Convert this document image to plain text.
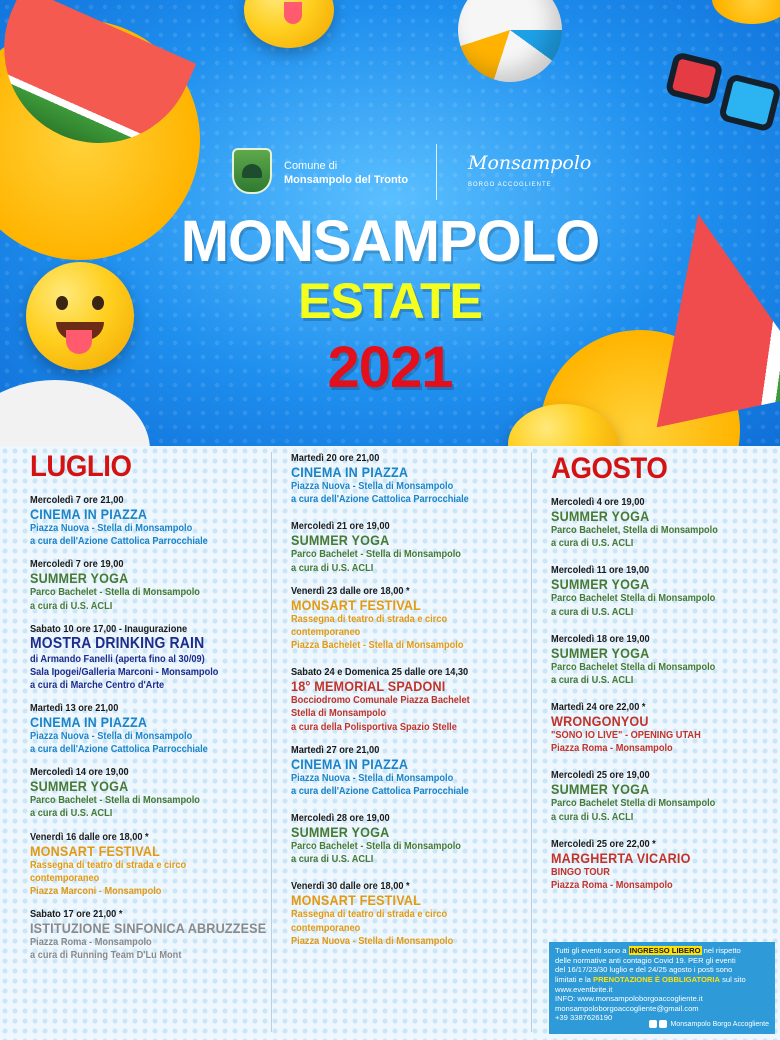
Comune di
Monsampolo del Tronto
Monsampolo
BORGO ACCOGLIENTE
MONSAMPOLO
ESTATE
2021
LUGLIO
Mercoledì 7 ore 21,00
CINEMA IN PIAZZA
Piazza Nuova - Stella di Monsampolo
a cura dell'Azione Cattolica Parrocchiale
Mercoledì 7 ore 19,00
SUMMER YOGA
Parco Bachelet - Stella di Monsampolo
a cura di U.S. ACLI
Sabato 10 ore 17,00 - Inaugurazione
MOSTRA DRINKING RAIN
di Armando Fanelli (aperta fino al 30/09)
Sala Ipogei/Galleria Marconi - Monsampolo
a cura di Marche Centro d'Arte
Martedì 13 ore 21,00
CINEMA IN PIAZZA
Piazza Nuova - Stella di Monsampolo
a cura dell'Azione Cattolica Parrocchiale
Mercoledì 14 ore 19,00
SUMMER YOGA
Parco Bachelet - Stella di Monsampolo
a cura di U.S. ACLI
Venerdì 16 dalle ore 18,00 *
MONSART FESTIVAL
Rassegna di teatro di strada e circo
contemporaneo
Piazza Marconi - Monsampolo
Sabato 17 ore 21,00 *
ISTITUZIONE SINFONICA ABRUZZESE
Piazza Roma - Monsampolo
a cura di Running Team D'Lu Mont
Martedì 20 ore 21,00
CINEMA IN PIAZZA
Piazza Nuova - Stella di Monsampolo
a cura dell'Azione Cattolica Parrocchiale
Mercoledì 21 ore 19,00
SUMMER YOGA
Parco Bachelet - Stella di Monsampolo
a cura di U.S. ACLI
Venerdì 23 dalle ore 18,00 *
MONSART FESTIVAL
Rassegna di teatro di strada e circo
contemporaneo
Piazza Bachelet - Stella di Monsampolo
Sabato 24 e Domenica 25 dalle ore 14,30
18° MEMORIAL SPADONI
Bocciodromo Comunale Piazza Bachelet
Stella di Monsampolo
a cura della Polisportiva Spazio Stelle
Martedì 27 ore 21,00
CINEMA IN PIAZZA
Piazza Nuova - Stella di Monsampolo
a cura dell'Azione Cattolica Parrocchiale
Mercoledì 28 ore 19,00
SUMMER YOGA
Parco Bachelet - Stella di Monsampolo
a cura di U.S. ACLI
Venerdì 30 dalle ore 18,00 *
MONSART FESTIVAL
Rassegna di teatro di strada e circo
contemporaneo
Piazza Nuova - Stella di Monsampolo
AGOSTO
Mercoledì 4 ore 19,00
SUMMER YOGA
Parco Bachelet, Stella di Monsampolo
a cura di U.S. ACLI
Mercoledì 11 ore 19,00
SUMMER YOGA
Parco Bachelet Stella di Monsampolo
a cura di U.S. ACLI
Mercoledì 18 ore 19,00
SUMMER YOGA
Parco Bachelet Stella di Monsampolo
a cura di U.S. ACLI
Martedì 24 ore 22,00 *
WRONGONYOU
"SONO IO LIVE" - OPENING UTAH
Piazza Roma - Monsampolo
Mercoledì 25 ore 19,00
SUMMER YOGA
Parco Bachelet Stella di Monsampolo
a cura di U.S. ACLI
Mercoledì 25 ore 22,00 *
MARGHERTA VICARIO
BINGO TOUR
Piazza Roma - Monsampolo
Tutti gli eventi sono a INGRESSO LIBERO nel rispetto
delle normative anti contagio Covid 19. PER gli eventi
del 16/17/23/30 luglio e del 24/25 agosto i posti sono
limitati e la PRENOTAZIONE È OBBLIGATORIA sul sito
www.eventbrite.it
INFO: www.monsampoloborgoaccogliente.it
monsampoloborgoaccogliente@gmail.com
+39 3387626190
Monsampolo Borgo Accogliente
